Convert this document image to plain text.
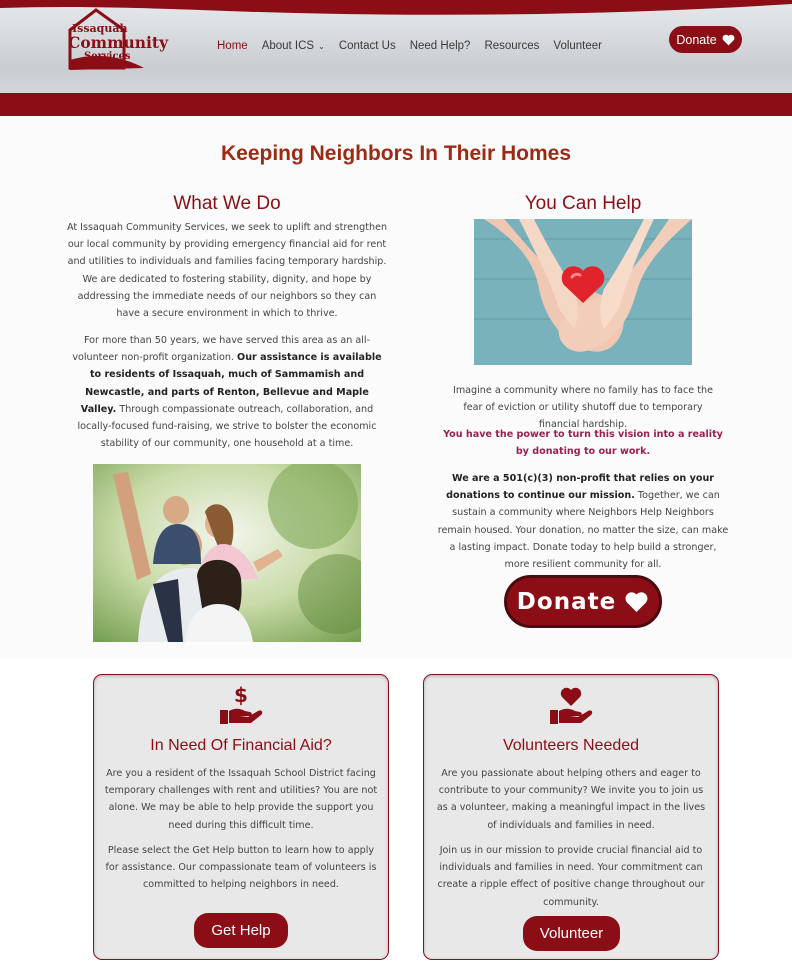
Issaquah
Community
Services
Home About ICS ⌄ Contact Us Need Help? Resources Volunteer	Donate
Keeping Neighbors In Their Homes
What We Do

At Issaquah Community Services, we seek to uplift and strengthen our local community by providing emergency financial aid for rent and utilities to individuals and families facing temporary hardship. We are dedicated to fostering stability, dignity, and hope by addressing the immediate needs of our neighbors so they can have a secure environment in which to thrive.

For more than 50 years, we have served this area as an all-volunteer non-profit organization. Our assistance is available to residents of Issaquah, much of Sammamish and Newcastle, and parts of Renton, Bellevue and Maple Valley. Through compassionate outreach, collaboration, and locally-focused fund-raising, we strive to bolster the economic stability of our community, one household at a time.

You Can Help

Imagine a community where no family has to face the fear of eviction or utility shutoff due to temporary financial hardship.

You have the power to turn this vision into a reality by donating to our work.

We are a 501(c)(3) non-profit that relies on your donations to continue our mission. Together, we can sustain a community where Neighbors Help Neighbors remain housed. Your donation, no matter the size, can make a lasting impact. Donate today to help build a stronger, more resilient community for all.

Donate
$
In Need Of Financial Aid?

Are you a resident of the Issaquah School District facing temporary challenges with rent and utilities? You are not alone. We may be able to help provide the support you need during this difficult time.

Please select the Get Help button to learn how to apply for assistance. Our compassionate team of volunteers is committed to helping neighbors in need.

Get Help
Volunteers Needed

Are you passionate about helping others and eager to contribute to your community? We invite you to join us as a volunteer, making a meaningful impact in the lives of individuals and families in need.

Join us in our mission to provide crucial financial aid to individuals and families in need. Your commitment can create a ripple effect of positive change throughout our community.

Volunteer
